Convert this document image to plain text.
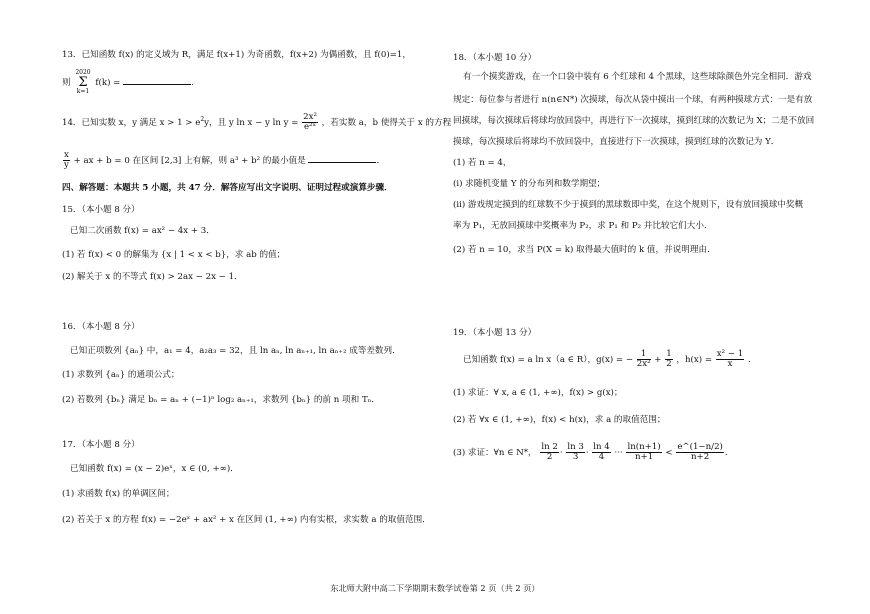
13．已知函数 f(x) 的定义域为 R，满足 f(x+1) 为奇函数，f(x+2) 为偶函数，且 f(0)=1，
则 2020
Σ
k=1 f(k) =	.
14．已知实数 x，y 满足 $x > 1 > e^2y$，且 y ln x − y $\ln y = \frac{\text{2x²}}{\text{e²ˣ}}$ ，若实数 a，b 使得关于 x 的方程
$\frac{x}{y}$ + ax + b = 0 在区间 [2,3] 上有解，则 a³ + b² 的最小值是	.
四、解答题：本题共 5 小题，共 47 分．解答应写出文字说明、证明过程或演算步骤．
15．（本小题 8 分）
已知二次函数 f(x) = ax² − 4x + 3．
(1) 若 f(x) < 0 的解集为 {x | 1 < x < b}，求 ab 的值；
(2) 解关于 x 的不等式 f(x) > 2ax − 2x − 1．
16．（本小题 8 分）
已知正项数列 {aₙ} 中，a₁ = 4，a₂a₃ = 32，且 ln aₙ, ln aₙ₊₁, ln aₙ₊₂ 成等差数列．
(1) 求数列 {aₙ} 的通项公式；
(2) 若数列 {bₙ} 满足 bₙ = aₙ + (−1)ⁿ log₂ aₙ₊₁，求数列 {bₙ} 的前 n 项和 Tₙ．
17．（本小题 8 分）
已知函数 f(x) = (x − 2)eˣ，x ∈ (0, +∞)．
(1) 求函数 f(x) 的单调区间；
(2) 若关于 x 的方程 f(x) = −2eˣ + ax² + x 在区间 (1, +∞) 内有实根，求实数 a 的取值范围．
18．（本小题 10 分）
有一个摸奖游戏，在一个口袋中装有 6 个红球和 4 个黑球，这些球除颜色外完全相同．游戏
规定：每位参与者进行 n(n∈N*) 次摸球，每次从袋中摸出一个球，有两种摸球方式：一是有放
回摸球，每次摸球后将球均放回袋中，再进行下一次摸球，摸到红球的次数记为 X；二是不放回
摸球，每次摸球后将球均不放回袋中，直接进行下一次摸球，摸到红球的次数记为 Y．
(1) 若 n = 4，
(ⅰ) 求随机变量 Y 的分布列和数学期望；
(ⅱ) 游戏规定摸到的红球数不少于摸到的黑球数即中奖，在这个规则下，设有放回摸球中奖概
率为 P₁，无放回摸球中奖概率为 P₂，求 P₁ 和 P₂ 并比较它们大小．
(2) 若 n = 10，求当 P(X = k) 取得最大值时的 k 值，并说明理由．
19．（本小题 13 分）
已知函数 f(x) = a ln x（a ∈ R），g(x) = − $\frac{1}{\text{2x²}} + \frac{1}{2}$ ，$h(x) = \frac{\text{x² − 1}}{x}$ ．
(1) 求证：∀ x, a ∈ (1, +∞)，f(x) > g(x)；
(2) 若 ∀x ∈ (1, +∞)，f(x) < h(x)，求 a 的取值范围；
(3) 求证：∀n ∈ N*， $\frac{\ln 2}{2} \cdot \frac{\ln 3}{3} \cdot \frac{\ln 4}{4}$ ··· $\frac{\ln(n+1)}{n+1} < \frac{e\^{}(1-n/2)}{n+2}$ .
东北师大附中高二下学期期末数学试卷第 2 页（共 2 页）
